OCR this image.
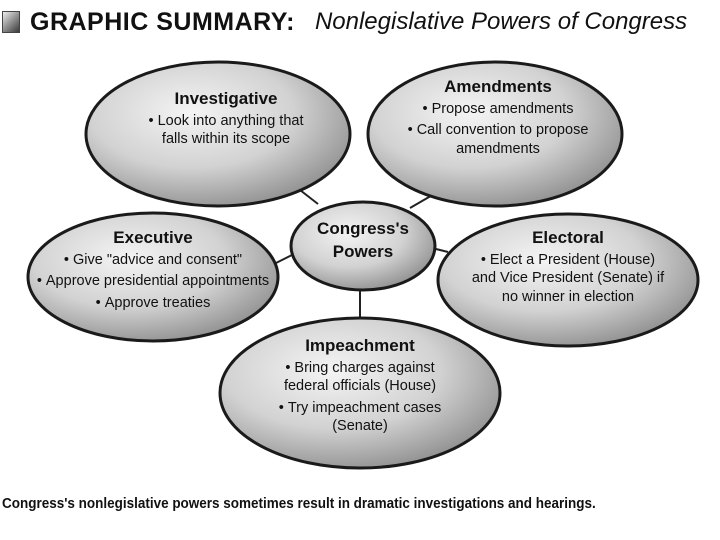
GRAPHIC SUMMARY: Nonlegislative Powers of Congress
Investigative
• Look into anything that falls within its scope
Amendments
• Propose amendments
• Call convention to propose amendments
Executive
• Give "advice and consent"
• Approve presidential appointments
• Approve treaties
Electoral
• Elect a President (House) and Vice President (Senate) if no winner in election
Impeachment
• Bring charges against federal officials (House)
• Try impeachment cases (Senate)
Congress's
Powers
Congress's nonlegislative powers sometimes result in dramatic investigations and hearings.
